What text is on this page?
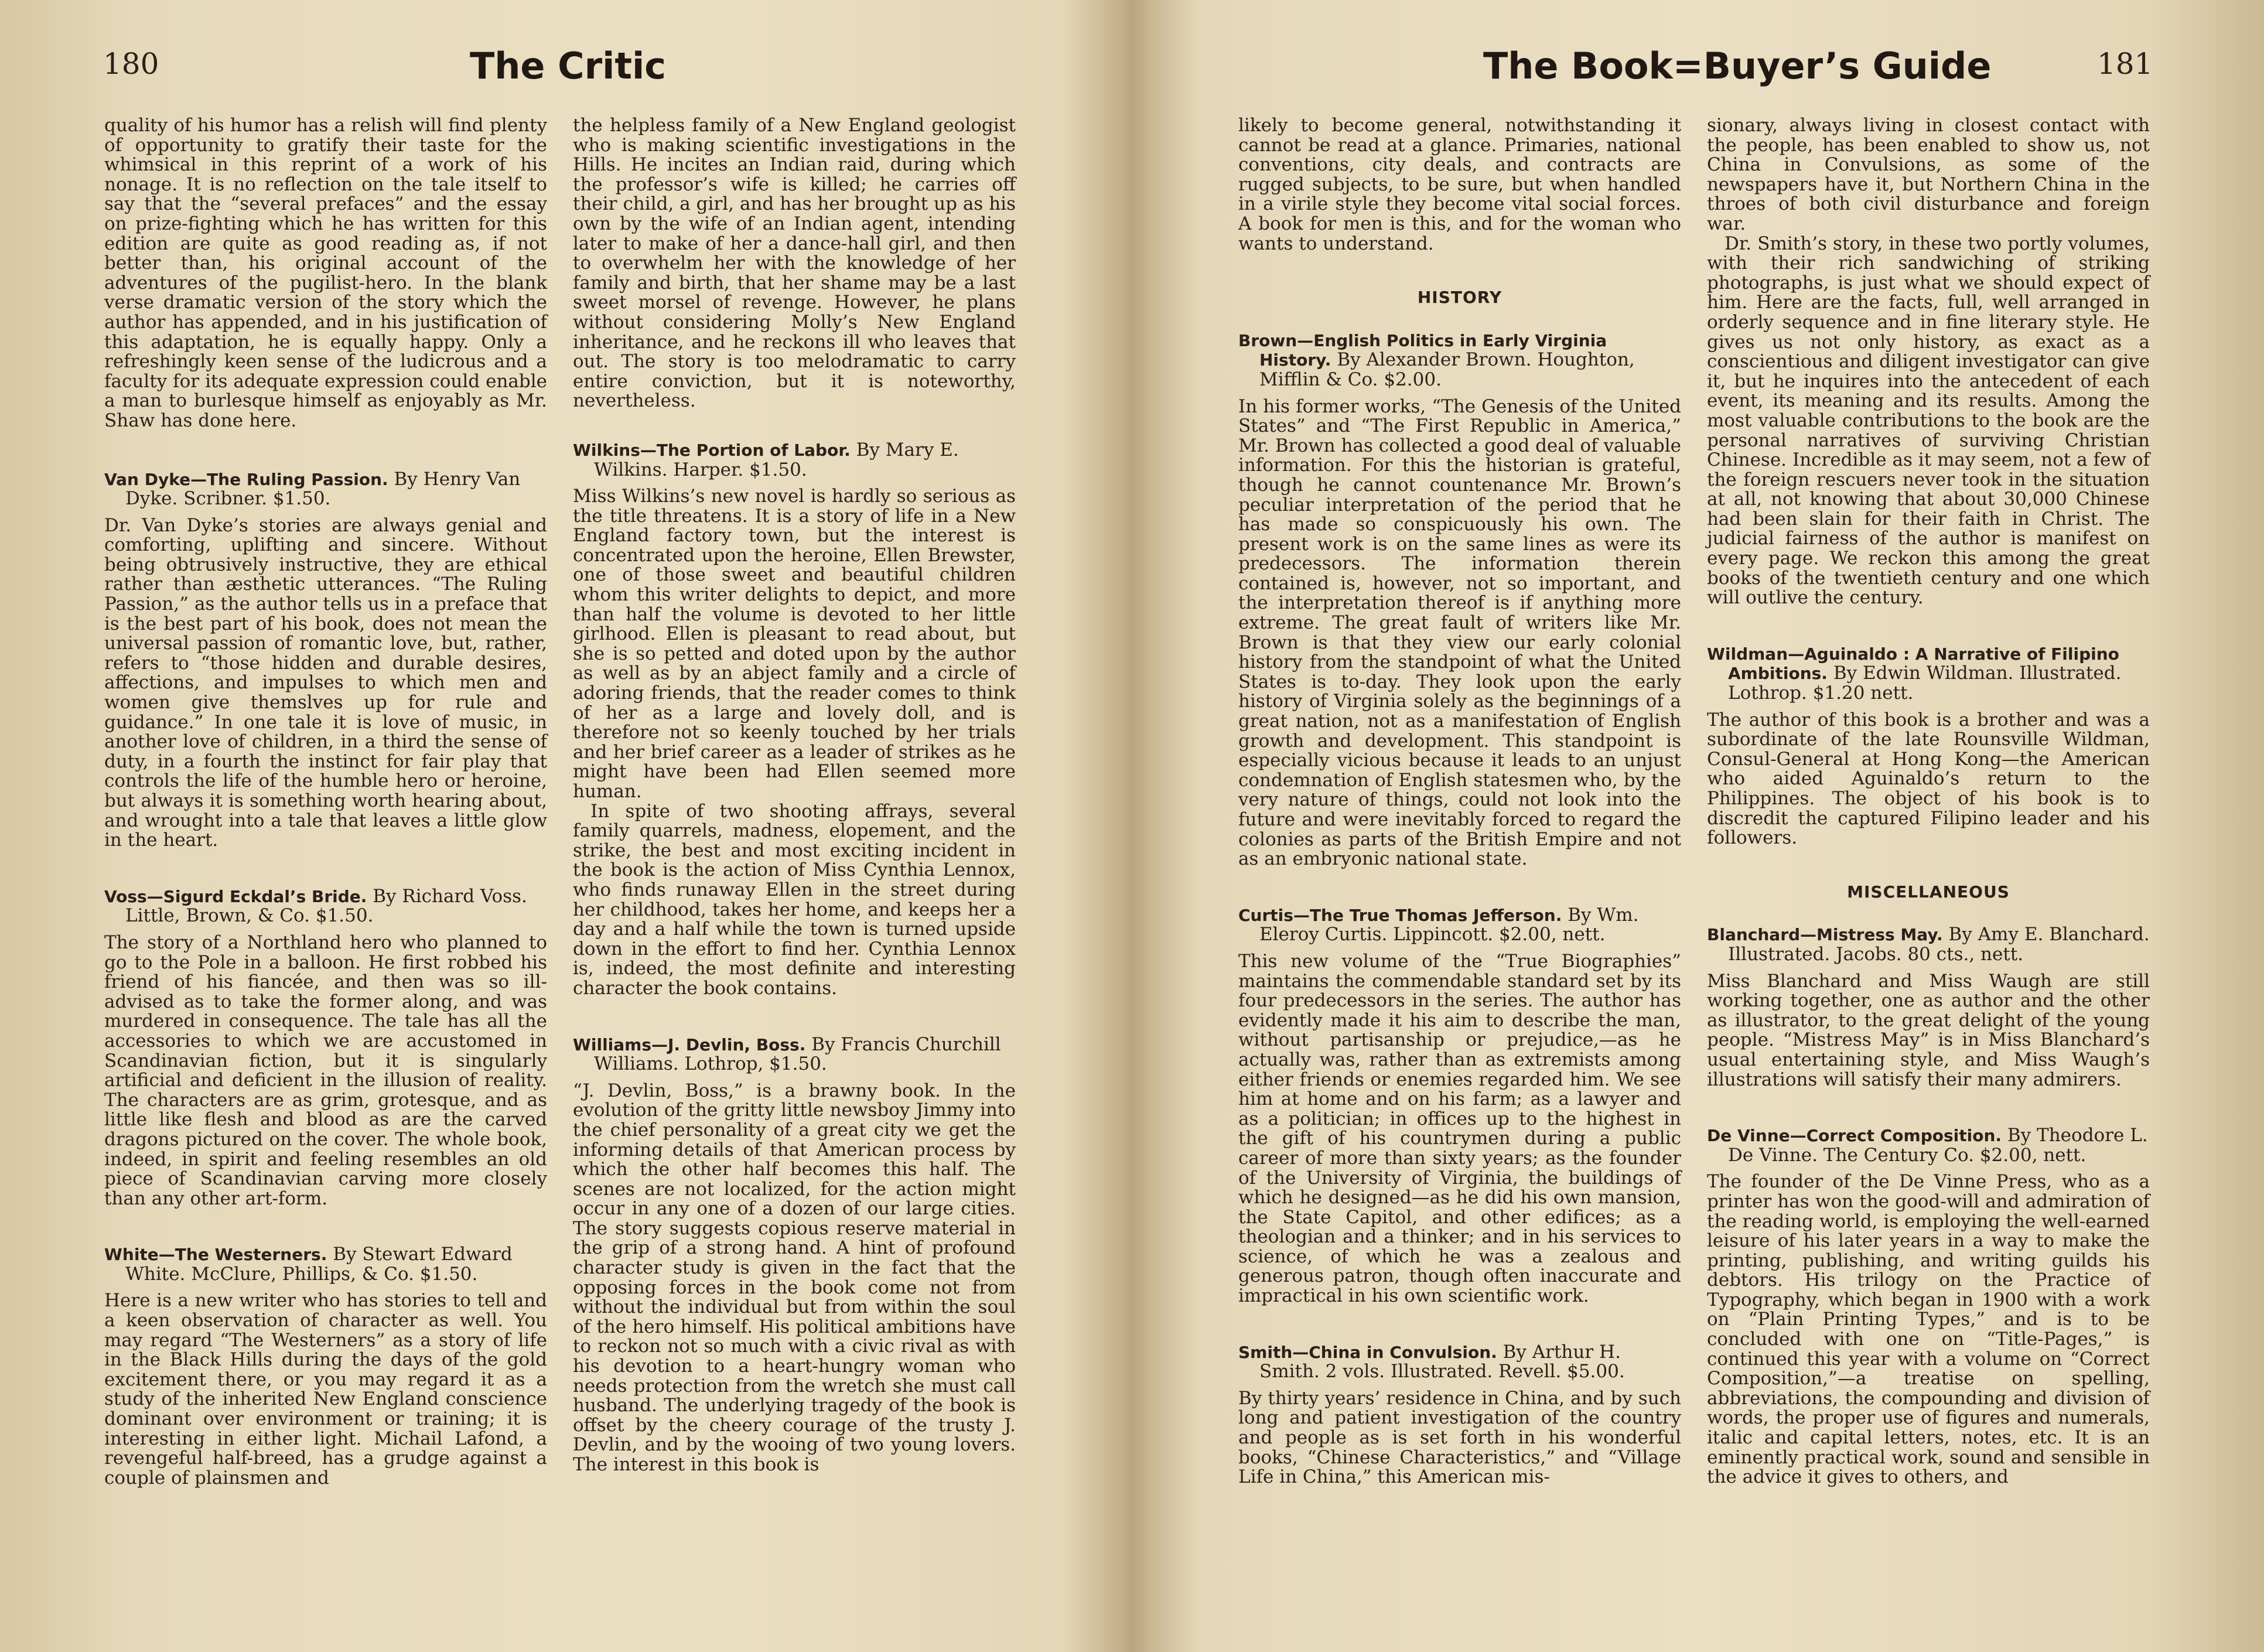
180	The Critic

quality of his humor has a relish will find plenty of opportunity to gratify their taste for the whimsical in this reprint of a work of his nonage. It is no reflection on the tale itself to say that the “several prefaces” and the essay on prize-fighting which he has written for this edition are quite as good reading as, if not better than, his original account of the adventures of the pugilist-hero. In the blank verse dramatic version of the story which the author has appended, and in his justification of this adaptation, he is equally happy. Only a refreshingly keen sense of the ludicrous and a faculty for its adequate expression could enable a man to burlesque himself as enjoyably as Mr. Shaw has done here.

Van Dyke—The Ruling Passion. By Henry Van Dyke. Scribner. $1.50.

Dr. Van Dyke’s stories are always genial and comforting, uplifting and sincere. Without being obtrusively instructive, they are ethical rather than æsthetic utterances. “The Ruling Passion,” as the author tells us in a preface that is the best part of his book, does not mean the universal passion of romantic love, but, rather, refers to “those hidden and durable desires, affections, and impulses to which men and women give themslves up for rule and guidance.” In one tale it is love of music, in another love of children, in a third the sense of duty, in a fourth the instinct for fair play that controls the life of the humble hero or heroine, but always it is something worth hearing about, and wrought into a tale that leaves a little glow in the heart.

Voss—Sigurd Eckdal’s Bride. By Richard Voss. Little, Brown, & Co. $1.50.

The story of a Northland hero who planned to go to the Pole in a balloon. He first robbed his friend of his fiancée, and then was so ill-advised as to take the former along, and was murdered in consequence. The tale has all the accessories to which we are accustomed in Scandinavian fiction, but it is singularly artificial and deficient in the illusion of reality. The characters are as grim, grotesque, and as little like flesh and blood as are the carved dragons pictured on the cover. The whole book, indeed, in spirit and feeling resembles an old piece of Scandinavian carving more closely than any other art-form.

White—The Westerners. By Stewart Edward White. McClure, Phillips, & Co. $1.50.

Here is a new writer who has stories to tell and a keen observation of character as well. You may regard “The Westerners” as a story of life in the Black Hills during the days of the gold excitement there, or you may regard it as a study of the inherited New England conscience dominant over environment or training; it is interesting in either light. Michail Lafond, a revengeful half-breed, has a grudge against a couple of plainsmen and

the helpless family of a New England geologist who is making scientific investigations in the Hills. He incites an Indian raid, during which the professor’s wife is killed; he carries off their child, a girl, and has her brought up as his own by the wife of an Indian agent, intending later to make of her a dance-hall girl, and then to overwhelm her with the knowledge of her family and birth, that her shame may be a last sweet morsel of revenge. However, he plans without considering Molly’s New England inheritance, and he reckons ill who leaves that out. The story is too melodramatic to carry entire conviction, but it is noteworthy, nevertheless.

Wilkins—The Portion of Labor. By Mary E. Wilkins. Harper. $1.50.

Miss Wilkins’s new novel is hardly so serious as the title threatens. It is a story of life in a New England factory town, but the interest is concentrated upon the heroine, Ellen Brewster, one of those sweet and beautiful children whom this writer delights to depict, and more than half the volume is devoted to her little girlhood. Ellen is pleasant to read about, but she is so petted and doted upon by the author as well as by an abject family and a circle of adoring friends, that the reader comes to think of her as a large and lovely doll, and is therefore not so keenly touched by her trials and her brief career as a leader of strikes as he might have been had Ellen seemed more human.

In spite of two shooting affrays, several family quarrels, madness, elopement, and the strike, the best and most exciting incident in the book is the action of Miss Cynthia Lennox, who finds runaway Ellen in the street during her childhood, takes her home, and keeps her a day and a half while the town is turned upside down in the effort to find her. Cynthia Lennox is, indeed, the most definite and interesting character the book contains.

Williams—J. Devlin, Boss. By Francis Churchill Williams. Lothrop, $1.50.

“J. Devlin, Boss,” is a brawny book. In the evolution of the gritty little newsboy Jimmy into the chief personality of a great city we get the informing details of that American process by which the other half becomes this half. The scenes are not localized, for the action might occur in any one of a dozen of our large cities. The story suggests copious reserve material in the grip of a strong hand. A hint of profound character study is given in the fact that the opposing forces in the book come not from without the individual but from within the soul of the hero himself. His political ambitions have to reckon not so much with a civic rival as with his devotion to a heart-hungry woman who needs protection from the wretch she must call husband. The underlying tragedy of the book is offset by the cheery courage of the trusty J. Devlin, and by the wooing of two young lovers. The interest in this book is

The Book=Buyer’s Guide	181

likely to become general, notwithstanding it cannot be read at a glance. Primaries, national conventions, city deals, and contracts are rugged subjects, to be sure, but when handled in a virile style they become vital social forces. A book for men is this, and for the woman who wants to understand.

HISTORY
Brown—English Politics in Early Virginia History. By Alexander Brown. Houghton, Mifflin & Co. $2.00.

In his former works, “The Genesis of the United States” and “The First Republic in America,” Mr. Brown has collected a good deal of valuable information. For this the historian is grateful, though he cannot countenance Mr. Brown’s peculiar interpretation of the period that he has made so conspicuously his own. The present work is on the same lines as were its predecessors. The information therein contained is, however, not so important, and the interpretation thereof is if anything more extreme. The great fault of writers like Mr. Brown is that they view our early colonial history from the standpoint of what the United States is to-day. They look upon the early history of Virginia solely as the beginnings of a great nation, not as a manifestation of English growth and development. This standpoint is especially vicious because it leads to an unjust condemnation of English statesmen who, by the very nature of things, could not look into the future and were inevitably forced to regard the colonies as parts of the British Empire and not as an embryonic national state.

Curtis—The True Thomas Jefferson. By Wm. Eleroy Curtis. Lippincott. $2.00, nett.

This new volume of the “True Biographies” maintains the commendable standard set by its four predecessors in the series. The author has evidently made it his aim to describe the man, without partisanship or prejudice,—as he actually was, rather than as extremists among either friends or enemies regarded him. We see him at home and on his farm; as a lawyer and as a politician; in offices up to the highest in the gift of his countrymen during a public career of more than sixty years; as the founder of the University of Virginia, the buildings of which he designed—as he did his own mansion, the State Capitol, and other edifices; as a theologian and a thinker; and in his services to science, of which he was a zealous and generous patron, though often inaccurate and impractical in his own scientific work.

Smith—China in Convulsion. By Arthur H. Smith. 2 vols. Illustrated. Revell. $5.00.

By thirty years’ residence in China, and by such long and patient investigation of the country and people as is set forth in his wonderful books, “Chinese Characteristics,” and “Village Life in China,” this American mis-

sionary, always living in closest contact with the people, has been enabled to show us, not China in Convulsions, as some of the newspapers have it, but Northern China in the throes of both civil disturbance and foreign war.

Dr. Smith’s story, in these two portly volumes, with their rich sandwiching of striking photographs, is just what we should expect of him. Here are the facts, full, well arranged in orderly sequence and in fine literary style. He gives us not only history, as exact as a conscientious and diligent investigator can give it, but he inquires into the antecedent of each event, its meaning and its results. Among the most valuable contributions to the book are the personal narratives of surviving Christian Chinese. Incredible as it may seem, not a few of the foreign rescuers never took in the situation at all, not knowing that about 30,000 Chinese had been slain for their faith in Christ. The judicial fairness of the author is manifest on every page. We reckon this among the great books of the twentieth century and one which will outlive the century.

Wildman—Aguinaldo : A Narrative of Filipino Ambitions. By Edwin Wildman. Illustrated. Lothrop. $1.20 nett.

The author of this book is a brother and was a subordinate of the late Rounsville Wildman, Consul-General at Hong Kong—the American who aided Aguinaldo’s return to the Philippines. The object of his book is to discredit the captured Filipino leader and his followers.

MISCELLANEOUS
Blanchard—Mistress May. By Amy E. Blanchard. Illustrated. Jacobs. 80 cts., nett.

Miss Blanchard and Miss Waugh are still working together, one as author and the other as illustrator, to the great delight of the young people. “Mistress May” is in Miss Blanchard’s usual entertaining style, and Miss Waugh’s illustrations will satisfy their many admirers.

De Vinne—Correct Composition. By Theodore L. De Vinne. The Century Co. $2.00, nett.

The founder of the De Vinne Press, who as a printer has won the good-will and admiration of the reading world, is employing the well-earned leisure of his later years in a way to make the printing, publishing, and writing guilds his debtors. His trilogy on the Practice of Typography, which began in 1900 with a work on “Plain Printing Types,” and is to be concluded with one on “Title-Pages,” is continued this year with a volume on “Correct Composition,”—a treatise on spelling, abbreviations, the compounding and division of words, the proper use of figures and numerals, italic and capital letters, notes, etc. It is an eminently practical work, sound and sensible in the advice it gives to others, and
